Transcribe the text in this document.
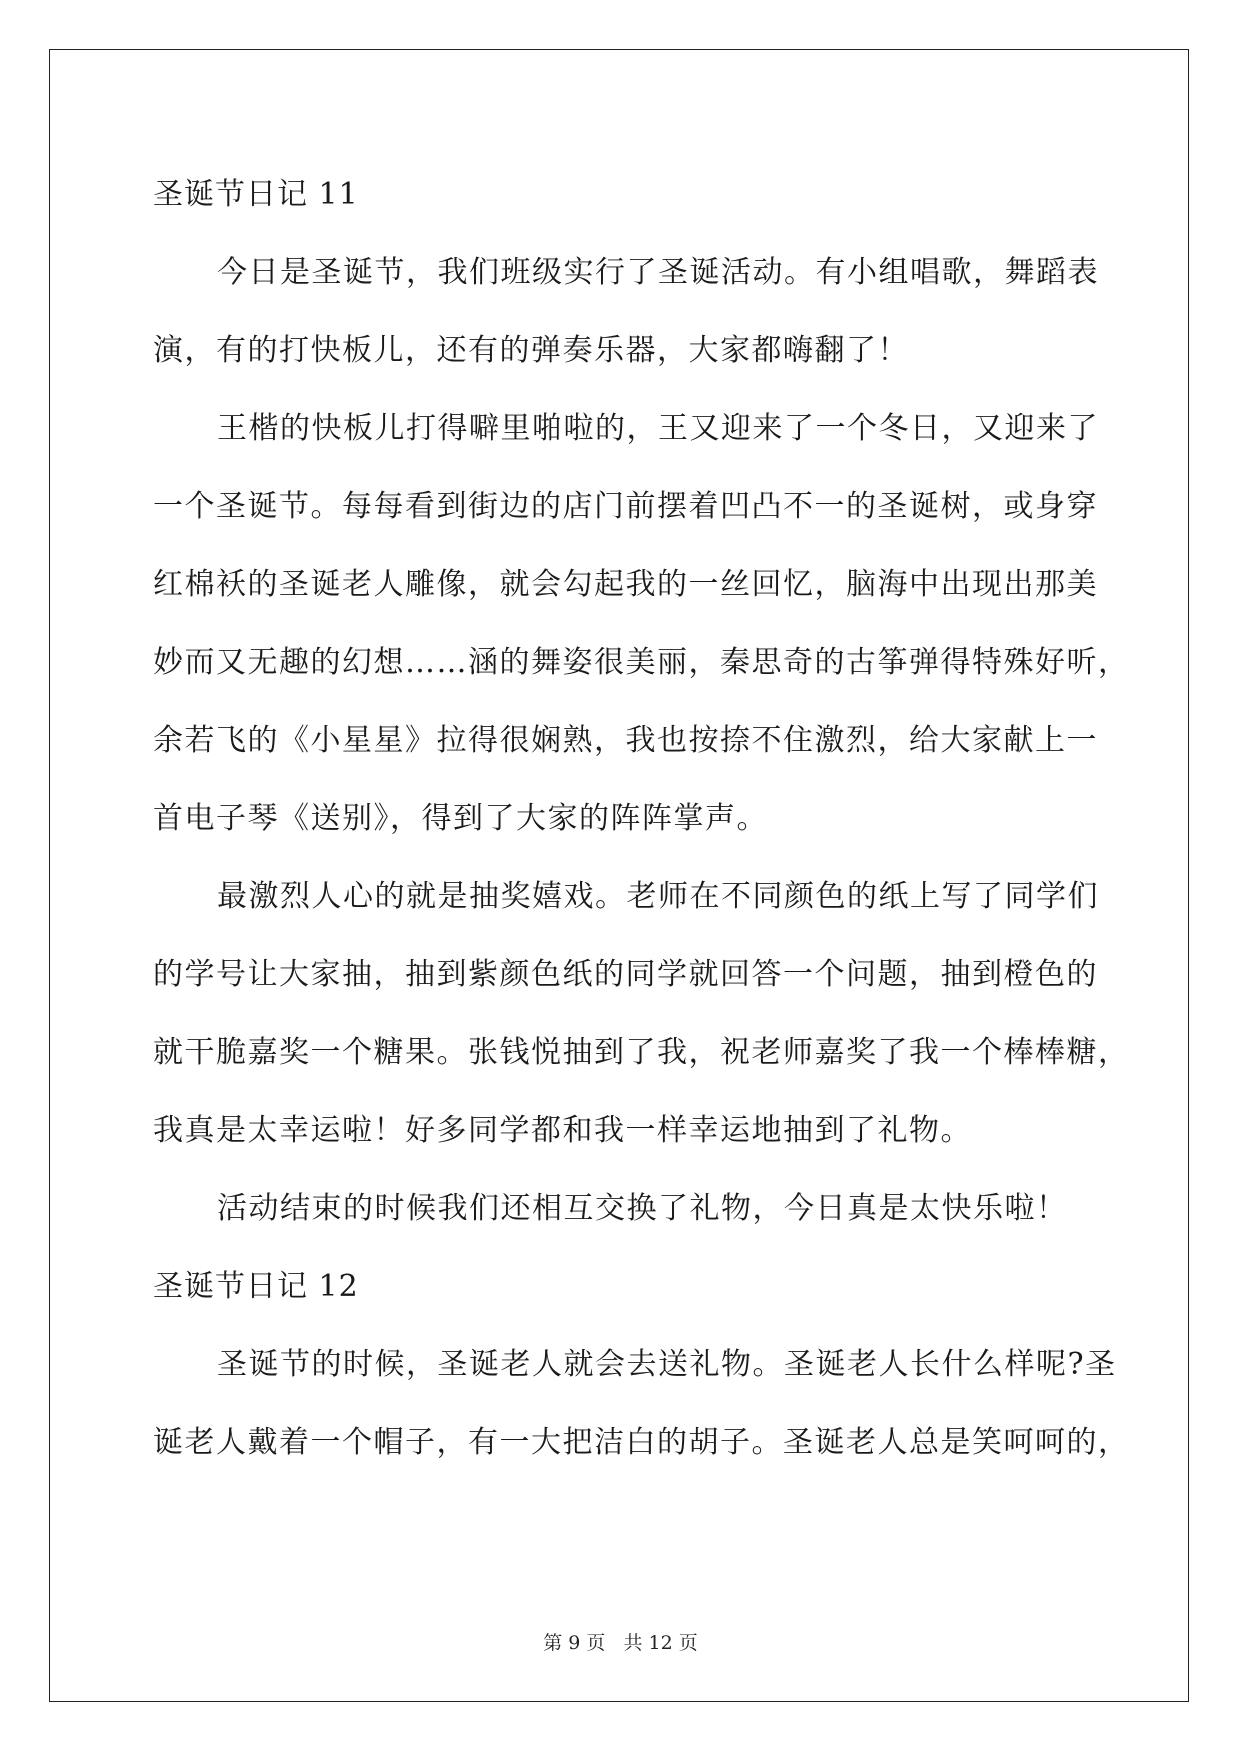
圣诞节日记 11
今日是圣诞节，我们班级实行了圣诞活动。有小组唱歌，舞蹈表
演，有的打快板儿，还有的弹奏乐器，大家都嗨翻了！
王楷的快板儿打得噼里啪啦的，王又迎来了一个冬日，又迎来了
一个圣诞节。每每看到街边的店门前摆着凹凸不一的圣诞树，或身穿
红棉袄的圣诞老人雕像，就会勾起我的一丝回忆，脑海中出现出那美
妙而又无趣的幻想……涵的舞姿很美丽，秦思奇的古筝弹得特殊好听，
余若飞的《小星星》拉得很娴熟，我也按捺不住激烈，给大家献上一
首电子琴《送别》，得到了大家的阵阵掌声。
最激烈人心的就是抽奖嬉戏。老师在不同颜色的纸上写了同学们
的学号让大家抽，抽到紫颜色纸的同学就回答一个问题，抽到橙色的
就干脆嘉奖一个糖果。张钱悦抽到了我，祝老师嘉奖了我一个棒棒糖，
我真是太幸运啦！好多同学都和我一样幸运地抽到了礼物。
活动结束的时候我们还相互交换了礼物，今日真是太快乐啦！
圣诞节日记 12
圣诞节的时候，圣诞老人就会去送礼物。圣诞老人长什么样呢?圣
诞老人戴着一个帽子，有一大把洁白的胡子。圣诞老人总是笑呵呵的，
第 9 页 共 12 页
